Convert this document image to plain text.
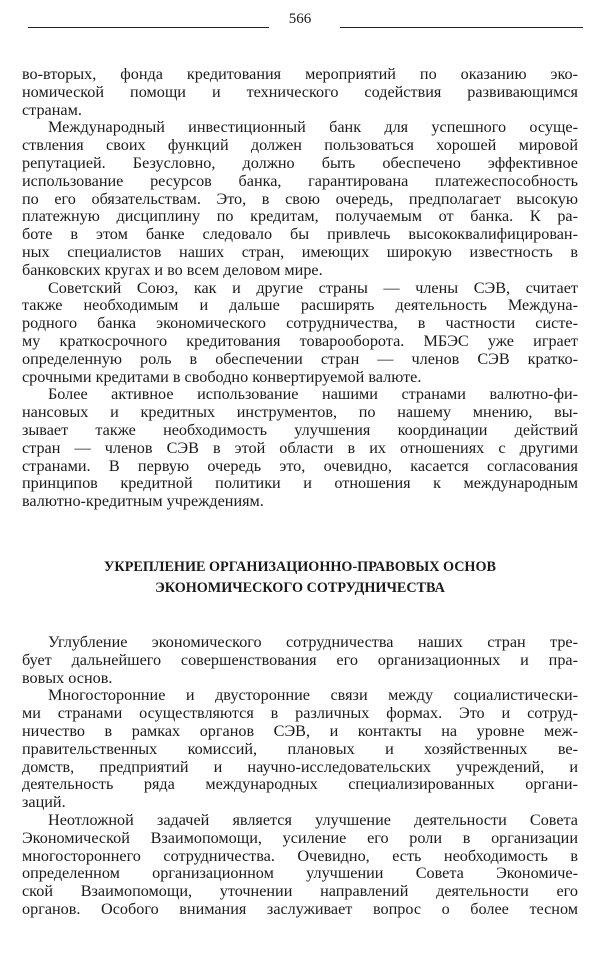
566
во-вторых, фонда кредитования мероприятий по оказанию эко-
номической помощи и технического содействия развивающимся
странам.
Международный инвестиционный банк для успешного осуще-
ствления своих функций должен пользоваться хорошей мировой
репутацией. Безусловно, должно быть обеспечено эффективное
использование ресурсов банка, гарантирована платежеспособность
по его обязательствам. Это, в свою очередь, предполагает высокую
платежную дисциплину по кредитам, получаемым от банка. К ра-
боте в этом банке следовало бы привлечь высококвалифицирован-
ных специалистов наших стран, имеющих широкую известность в
банковских кругах и во всем деловом мире.
Советский Союз, как и другие страны — члены СЭВ, считает
также необходимым и дальше расширять деятельность Междуна-
родного банка экономического сотрудничества, в частности систе-
му краткосрочного кредитования товарооборота. МБЭС уже играет
определенную роль в обеспечении стран — членов СЭВ кратко-
срочными кредитами в свободно конвертируемой валюте.
Более активное использование нашими странами валютно-фи-
нансовых и кредитных инструментов, по нашему мнению, вы-
зывает также необходимость улучшения координации действий
стран — членов СЭВ в этой области в их отношениях с другими
странами. В первую очередь это, очевидно, касается согласования
принципов кредитной политики и отношения к международным
валютно-кредитным учреждениям.
УКРЕПЛЕНИЕ ОРГАНИЗАЦИОННО-ПРАВОВЫХ ОСНОВ
ЭКОНОМИЧЕСКОГО СОТРУДНИЧЕСТВА
Углубление экономического сотрудничества наших стран тре-
бует дальнейшего совершенствования его организационных и пра-
вовых основ.
Многосторонние и двусторонние связи между социалистически-
ми странами осуществляются в различных формах. Это и сотруд-
ничество в рамках органов СЭВ, и контакты на уровне меж-
правительственных комиссий, плановых и хозяйственных ве-
домств, предприятий и научно-исследовательских учреждений, и
деятельность ряда международных специализированных органи-
заций.
Неотложной задачей является улучшение деятельности Совета
Экономической Взаимопомощи, усиление его роли в организации
многостороннего сотрудничества. Очевидно, есть необходимость в
определенном организационном улучшении Совета Экономиче-
ской Взаимопомощи, уточнении направлений деятельности его
органов. Особого внимания заслуживает вопрос о более тесном
